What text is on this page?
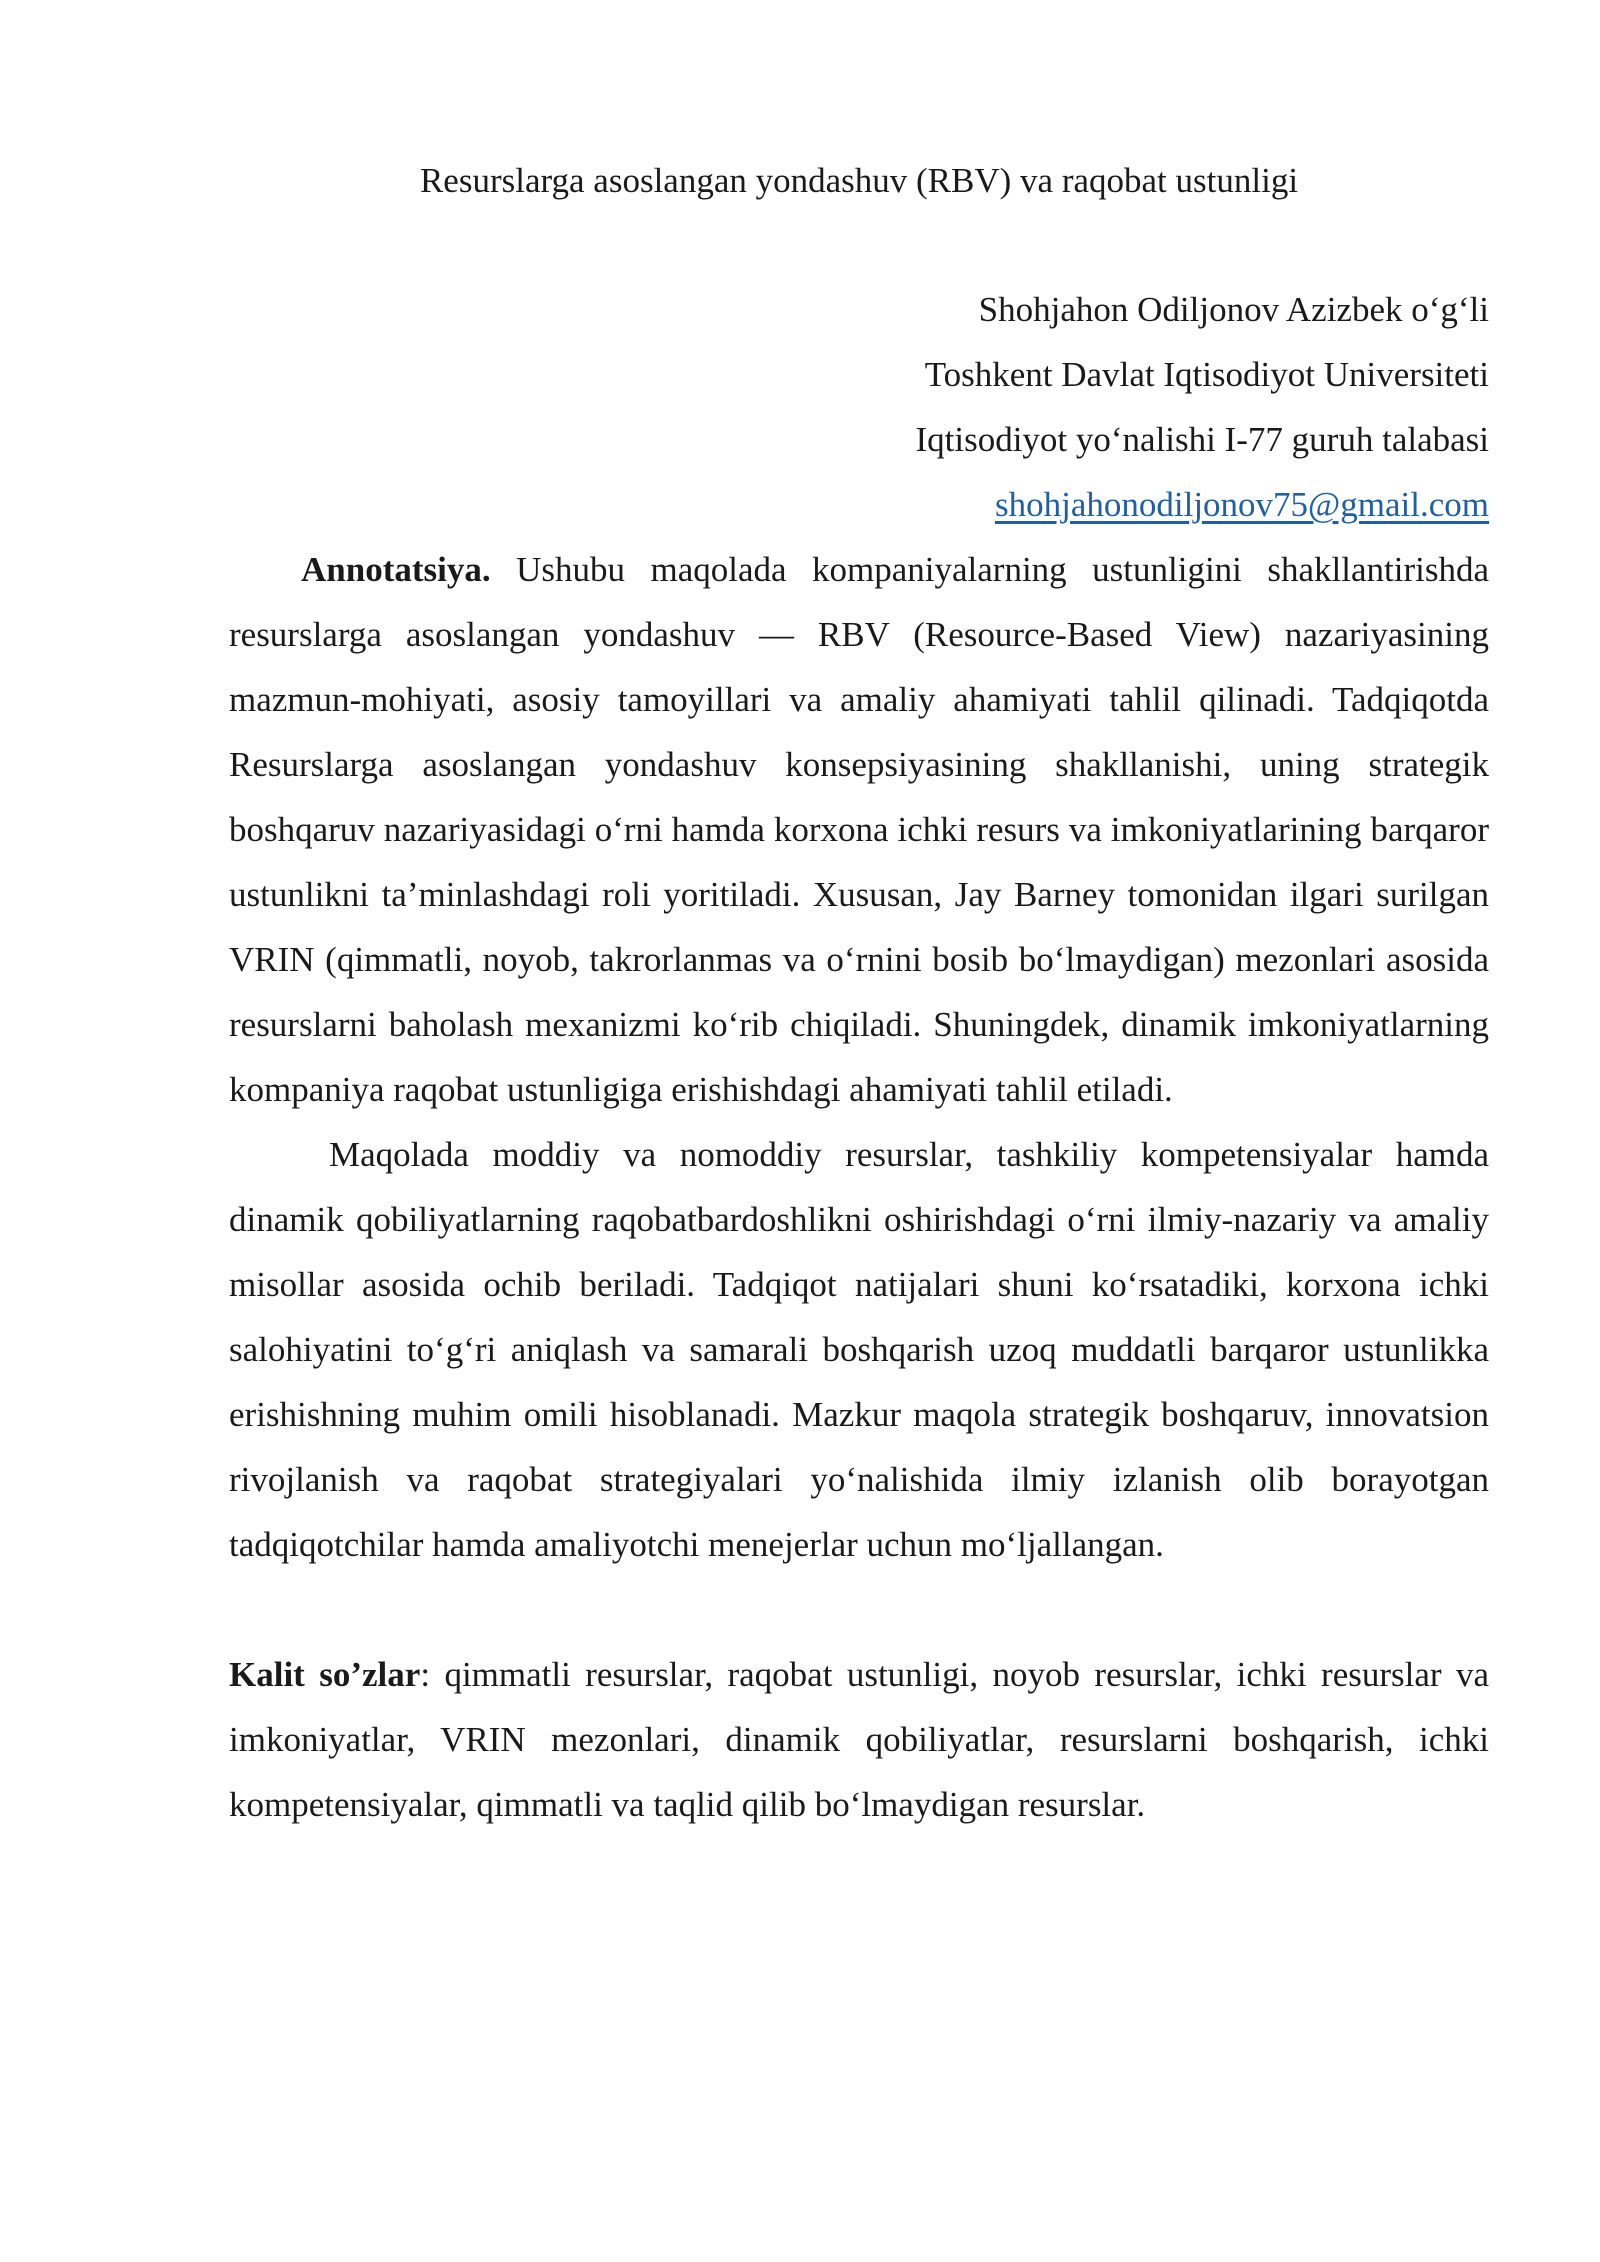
Resurslarga asoslangan yondashuv (RBV) va raqobat ustunligi

Shohjahon Odiljonov Azizbek o‘g‘li
Toshkent Davlat Iqtisodiyot Universiteti
Iqtisodiyot yo‘nalishi I-77 guruh talabasi
shohjahonodiljonov75@gmail.com

Annotatsiya. Ushubu maqolada kompaniyalarning ustunligini shakllantirishda resurslarga asoslangan yondashuv — RBV (Resource-Based View) nazariyasining mazmun-mohiyati, asosiy tamoyillari va amaliy ahamiyati tahlil qilinadi. Tadqiqotda Resurslarga asoslangan yondashuv konsepsiyasining shakllanishi, uning strategik boshqaruv nazariyasidagi o‘rni hamda korxona ichki resurs va imkoniyatlarining barqaror ustunlikni ta’minlashdagi roli yoritiladi. Xususan, Jay Barney tomonidan ilgari surilgan VRIN (qimmatli, noyob, takrorlanmas va o‘rnini bosib bo‘lmaydigan) mezonlari asosida resurslarni baholash mexanizmi ko‘rib chiqiladi. Shuningdek, dinamik imkoniyatlarning kompaniya raqobat ustunligiga erishishdagi ahamiyati tahlil etiladi.

Maqolada moddiy va nomoddiy resurslar, tashkiliy kompetensiyalar hamda dinamik qobiliyatlarning raqobatbardoshlikni oshirishdagi o‘rni ilmiy-nazariy va amaliy misollar asosida ochib beriladi. Tadqiqot natijalari shuni ko‘rsatadiki, korxona ichki salohiyatini to‘g‘ri aniqlash va samarali boshqarish uzoq muddatli barqaror ustunlikka erishishning muhim omili hisoblanadi. Mazkur maqola strategik boshqaruv, innovatsion rivojlanish va raqobat strategiyalari yo‘nalishida ilmiy izlanish olib borayotgan tadqiqotchilar hamda amaliyotchi menejerlar uchun mo‘ljallangan.

Kalit so’zlar: qimmatli resurslar, raqobat ustunligi, noyob resurslar, ichki resurslar va imkoniyatlar, VRIN mezonlari, dinamik qobiliyatlar, resurslarni boshqarish, ichki kompetensiyalar, qimmatli va taqlid qilib bo‘lmaydigan resurslar.
